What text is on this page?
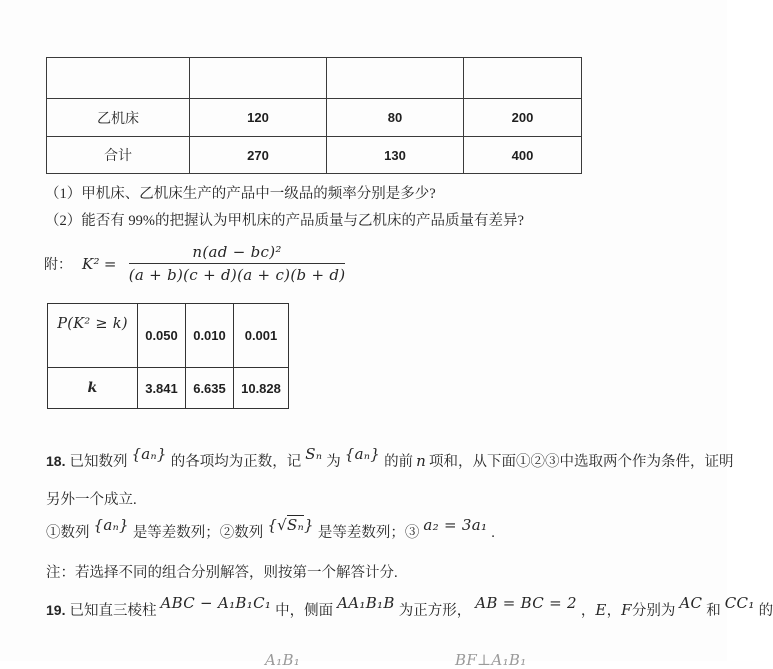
乙机床	120	80	200
合计	270	130	400
（1）甲机床、乙机床生产的产品中一级品的频率分别是多少?
（2）能否有 99%的把握认为甲机床的产品质量与乙机床的产品质量有差异?
附： $K^2 = \frac{\text{n(ad − bc)²}}{(a + b)(c + d)(a + c)(b + d)}$
P(K² ≥ k)	0.050	0.010	0.001
k	3.841	6.635	10.828
18. 已知数列 {aₙ} 的各项均为正数，记 Sₙ 为 {aₙ} 的前 n 项和，从下面①②③中选取两个作为条件，证明
另外一个成立.
①数列 {aₙ} 是等差数列；②数列 {√Sₙ} 是等差数列；③ a₂ = 3a₁ .
注：若选择不同的组合分别解答，则按第一个解答计分.
19. 已知直三棱柱 ABC − A₁B₁C₁ 中，侧面 AA₁B₁B 为正方形， AB = BC = 2 ，E，F分别为 AC 和 CC₁ 的
A₁B₁	BF⊥A₁B₁
